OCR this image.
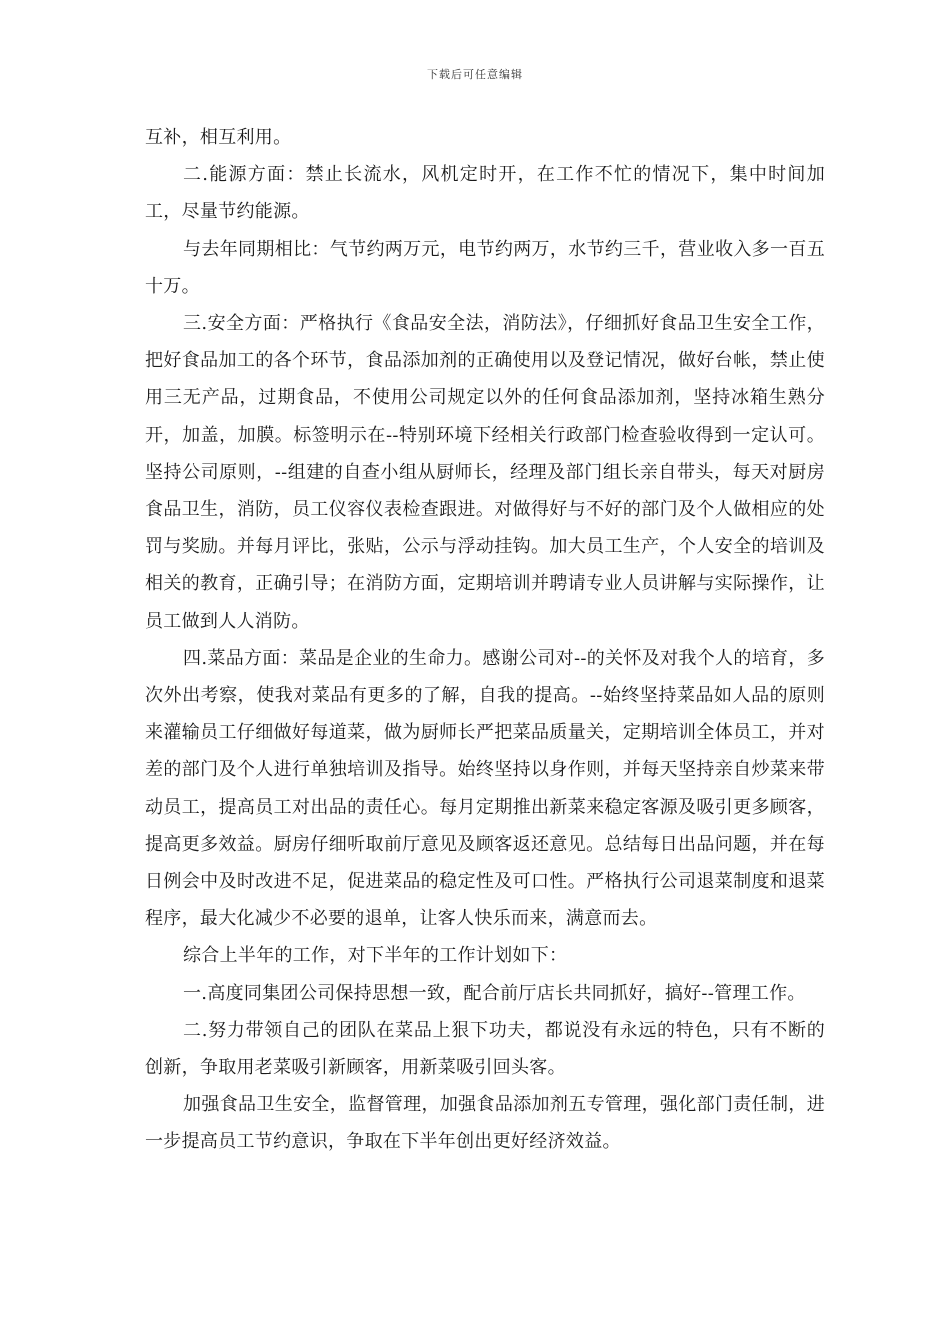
下载后可任意编辑

互补，相互利用。

二.能源方面：禁止长流水，风机定时开，在工作不忙的情况下，集中时间加工，尽量节约能源。

与去年同期相比：气节约两万元，电节约两万，水节约三千，营业收入多一百五十万。

三.安全方面：严格执行《食品安全法，消防法》，仔细抓好食品卫生安全工作，把好食品加工的各个环节，食品添加剂的正确使用以及登记情况，做好台帐，禁止使用三无产品，过期食品，不使用公司规定以外的任何食品添加剂，坚持冰箱生熟分开，加盖，加膜。标签明示在--特别环境下经相关行政部门检查验收得到一定认可。坚持公司原则，--组建的自查小组从厨师长，经理及部门组长亲自带头，每天对厨房食品卫生，消防，员工仪容仪表检查跟进。对做得好与不好的部门及个人做相应的处罚与奖励。并每月评比，张贴，公示与浮动挂钩。加大员工生产，个人安全的培训及相关的教育，正确引导；在消防方面，定期培训并聘请专业人员讲解与实际操作，让员工做到人人消防。

四.菜品方面：菜品是企业的生命力。感谢公司对--的关怀及对我个人的培育，多次外出考察，使我对菜品有更多的了解，自我的提高。--始终坚持菜品如人品的原则来灌输员工仔细做好每道菜，做为厨师长严把菜品质量关，定期培训全体员工，并对差的部门及个人进行单独培训及指导。始终坚持以身作则，并每天坚持亲自炒菜来带动员工，提高员工对出品的责任心。每月定期推出新菜来稳定客源及吸引更多顾客，提高更多效益。厨房仔细听取前厅意见及顾客返还意见。总结每日出品问题，并在每日例会中及时改进不足，促进菜品的稳定性及可口性。严格执行公司退菜制度和退菜程序，最大化减少不必要的退单，让客人快乐而来，满意而去。

综合上半年的工作，对下半年的工作计划如下：

一.高度同集团公司保持思想一致，配合前厅店长共同抓好，搞好--管理工作。

二.努力带领自己的团队在菜品上狠下功夫，都说没有永远的特色，只有不断的创新，争取用老菜吸引新顾客，用新菜吸引回头客。

加强食品卫生安全，监督管理，加强食品添加剂五专管理，强化部门责任制，进一步提高员工节约意识，争取在下半年创出更好经济效益。
